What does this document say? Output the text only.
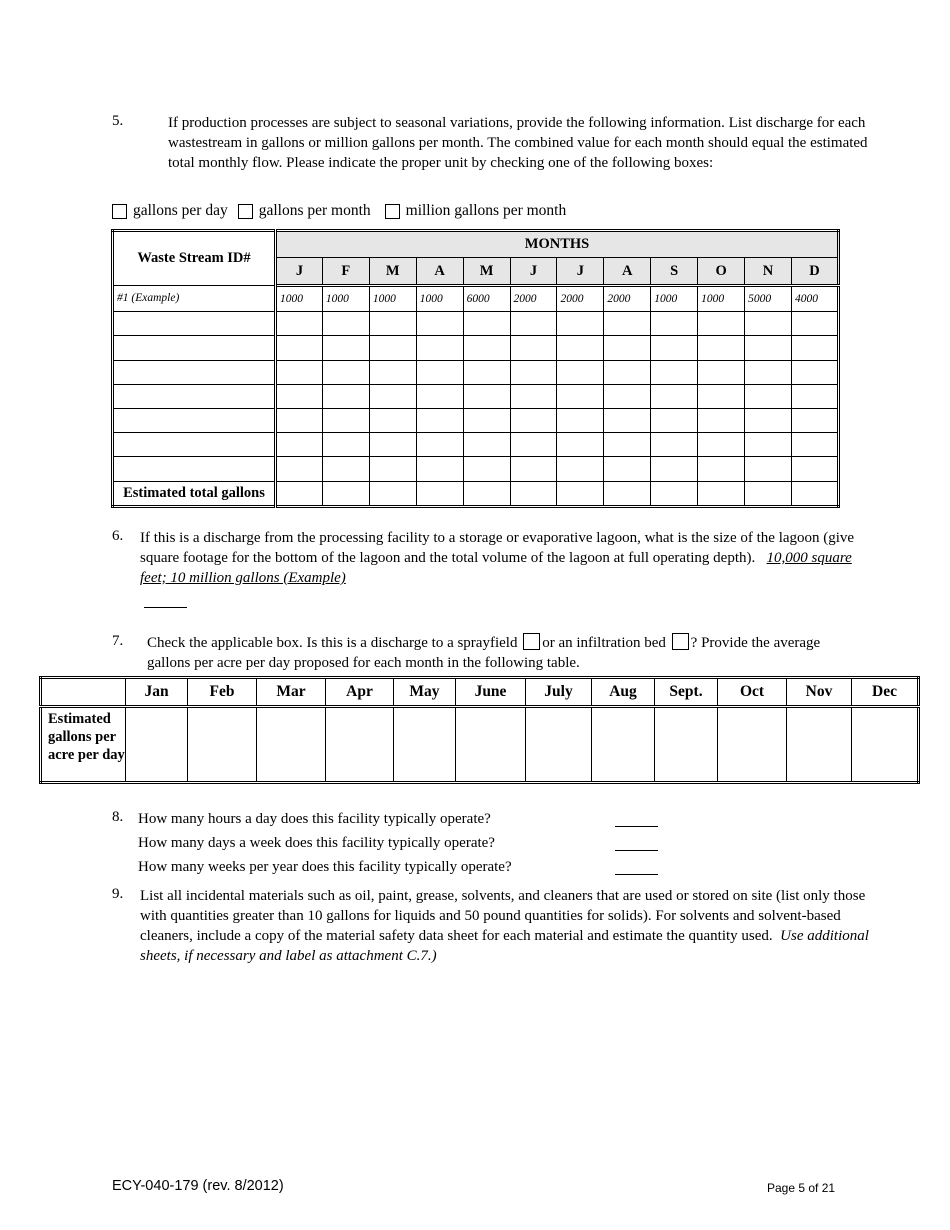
5.	If production processes are subject to seasonal variations, provide the following information. List discharge for each wastestream in gallons or million gallons per month. The combined value for each month should equal the estimated total monthly flow. Please indicate the proper unit by checking one of the following boxes:
gallons per day gallons per month million gallons per month
Waste Stream ID#	MONTHS											
	J	F	M	A	M	J	J	A	S	O	N	D
#1 (Example)	1000	1000	1000	1000	6000	2000	2000	2000	1000	1000	5000	4000

Estimated total gallons												
6. If this is a discharge from the processing facility to a storage or evaporative lagoon, what is the size of the lagoon (give square footage for the bottom of the lagoon and the total volume of the lagoon at full operating depth). 10,000 square feet; 10 million gallons (Example)
7. Check the applicable box. Is this is a discharge to a sprayfield or an infiltration bed ? Provide the average gallons per acre per day proposed for each month in the following table.
	Jan	Feb	Mar	Apr	May	June	July	Aug	Sept.	Oct	Nov	Dec
Estimated gallons per acre per day												
8. How many hours a day does this facility typically operate?
How many days a week does this facility typically operate?
How many weeks per year does this facility typically operate?
9. List all incidental materials such as oil, paint, grease, solvents, and cleaners that are used or stored on site (list only those with quantities greater than 10 gallons for liquids and 50 pound quantities for solids). For solvents and solvent-based cleaners, include a copy of the material safety data sheet for each material and estimate the quantity used. Use additional sheets, if necessary and label as attachment C.7.)
ECY-040-179 (rev. 8/2012)	Page 5 of 21
